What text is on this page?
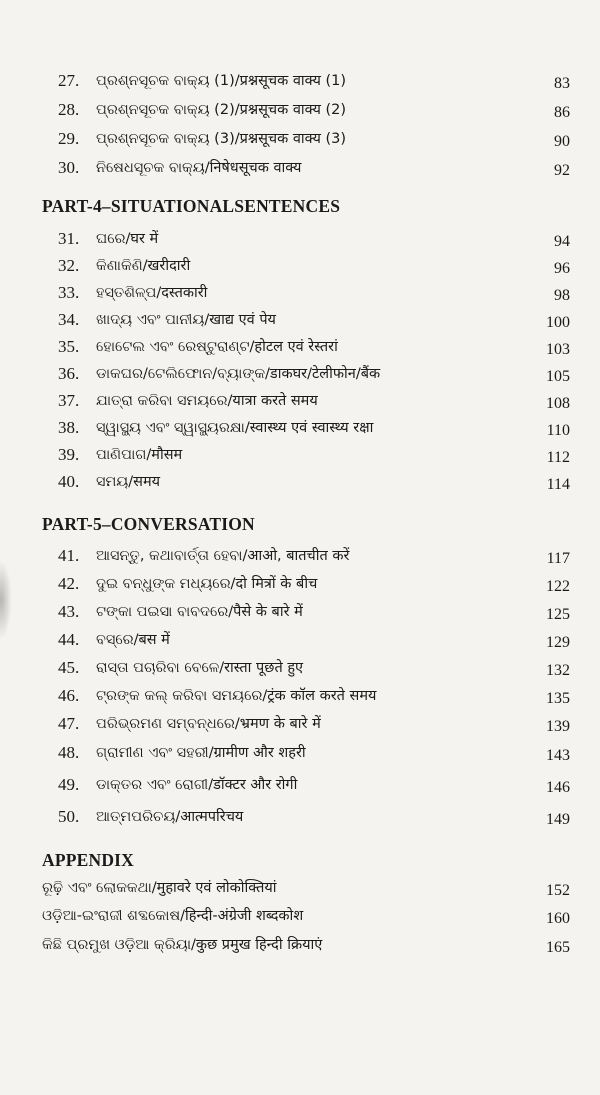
27.	ପ୍ରଶ୍ନସୂଚକ ବାକ୍ୟ (1)/प्रश्नसूचक वाक्य (1)	83
28.	ପ୍ରଶ୍ନସୂଚକ ବାକ୍ୟ (2)/प्रश्नसूचक वाक्य (2)	86
29.	ପ୍ରଶ୍ନସୂଚକ ବାକ୍ୟ (3)/प्रश्नसूचक वाक्य (3)	90
30.	ନିଷେଧସୂଚକ ବାକ୍ୟ/निषेधसूचक वाक्य	92
PART-4–SITUATIONALSENTENCES
31.	ଘରେ/घर में	94
32.	କିଣାକିଣି/खरीदारी	96
33.	ହସ୍ତଶିଳ୍ପ/दस्तकारी	98
34.	ଖାଦ୍ୟ ଏବଂ ପାନୀୟ/खाद्य एवं पेय	100
35.	ହୋଟେଲ ଏବଂ ରେଷ୍ଟୁରାଣ୍ଟ/होटल एवं रेस्तरां	103
36.	ଡାକଘର/ଟେଲିଫୋନ/ବ୍ୟାଙ୍କ/डाकघर/टेलीफोन/बैंक	105
37.	ଯାତ୍ରା କରିବା ସମୟରେ/यात्रा करते समय	108
38.	ସ୍ୱାସ୍ଥ୍ୟ ଏବଂ ସ୍ୱାସ୍ଥ୍ୟରକ୍ଷା/स्वास्थ्य एवं स्वास्थ्य रक्षा	110
39.	ପାଣିପାଗ/मौसम	112
40.	ସମୟ/समय	114
PART-5–CONVERSATION
41.	ଆସନ୍ତୁ, କଥାବାର୍ତ୍ତା ହେବା/आओ, बातचीत करें	117
42.	ଦୁଇ ବନ୍ଧୁଙ୍କ ମଧ୍ୟରେ/दो मित्रों के बीच	122
43.	ଟଙ୍କା ପଇସା ବାବଦରେ/पैसे के बारे में	125
44.	ବସ୍‌ରେ/बस में	129
45.	ରାସ୍ତା ପଚାରିବା ବେଳେ/रास्ता पूछते हुए	132
46.	ଟ୍ରଙ୍କ କଲ୍ କରିବା ସମୟରେ/ट्रंक कॉल करते समय	135
47.	ପରିଭ୍ରମଣ ସମ୍ବନ୍ଧରେ/भ्रमण के बारे में	139
48.	ଗ୍ରାମୀଣ ଏବଂ ସହରୀ/ग्रामीण और शहरी	143
49.	ଡାକ୍ତର ଏବଂ ରୋଗୀ/डॉक्टर और रोगी	146
50.	ଆତ୍ମପରିଚୟ/आत्मपरिचय	149
APPENDIX
ରୂଢ଼ି ଏବଂ ଲୋକକଥା/मुहावरे एवं लोकोक्तियां	152
ଓଡ଼ିଆ-ଇଂରାଜୀ ଶବ୍ଦକୋଷ/हिन्दी-अंग्रेजी शब्दकोश	160
କିଛି ପ୍ରମୁଖ ଓଡ଼ିଆ କ୍ରିୟା/कुछ प्रमुख हिन्दी क्रियाएं	165
